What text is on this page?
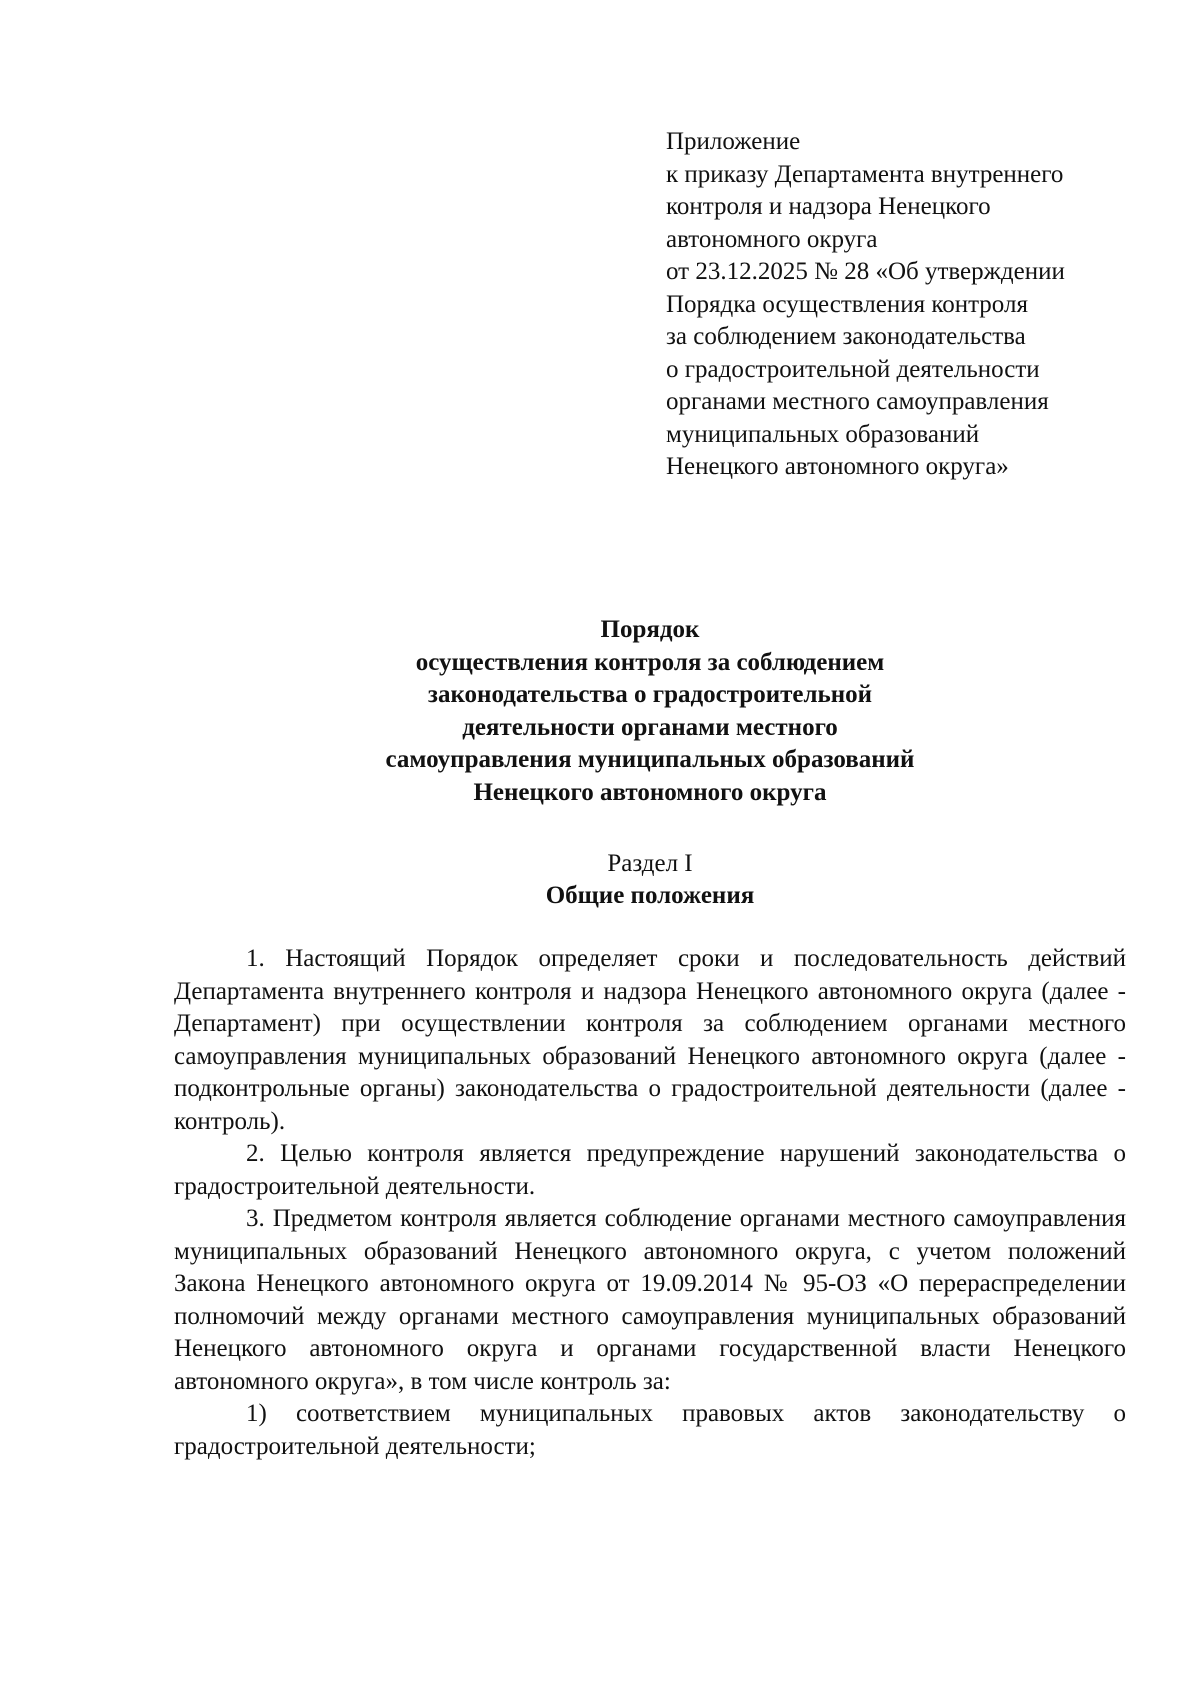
Приложение
к приказу Департамента внутреннего
контроля и надзора Ненецкого
автономного округа
от 23.12.2025 № 28 «Об утверждении
Порядка осуществления контроля
за соблюдением законодательства
о градостроительной деятельности
органами местного самоуправления
муниципальных образований
Ненецкого автономного округа»
Порядок
осуществления контроля за соблюдением
законодательства о градостроительной
деятельности органами местного
самоуправления муниципальных образований
Ненецкого автономного округа
Раздел I
Общие положения

1. Настоящий Порядок определяет сроки и последовательность действий Департамента внутреннего контроля и надзора Ненецкого автономного округа (далее - Департамент) при осуществлении контроля за соблюдением органами местного самоуправления муниципальных образований Ненецкого автономного округа (далее - подконтрольные органы) законодательства о градостроительной деятельности (далее - контроль).

2. Целью контроля является предупреждение нарушений законодательства о градостроительной деятельности.

3. Предметом контроля является соблюдение органами местного самоуправления муниципальных образований Ненецкого автономного округа, с учетом положений Закона Ненецкого автономного округа от 19.09.2014 № 95-ОЗ «О перераспределении полномочий между органами местного самоуправления муниципальных образований Ненецкого автономного округа и органами государственной власти Ненецкого автономного округа», в том числе контроль за:

1) соответствием муниципальных правовых актов законодательству о градостроительной деятельности;
